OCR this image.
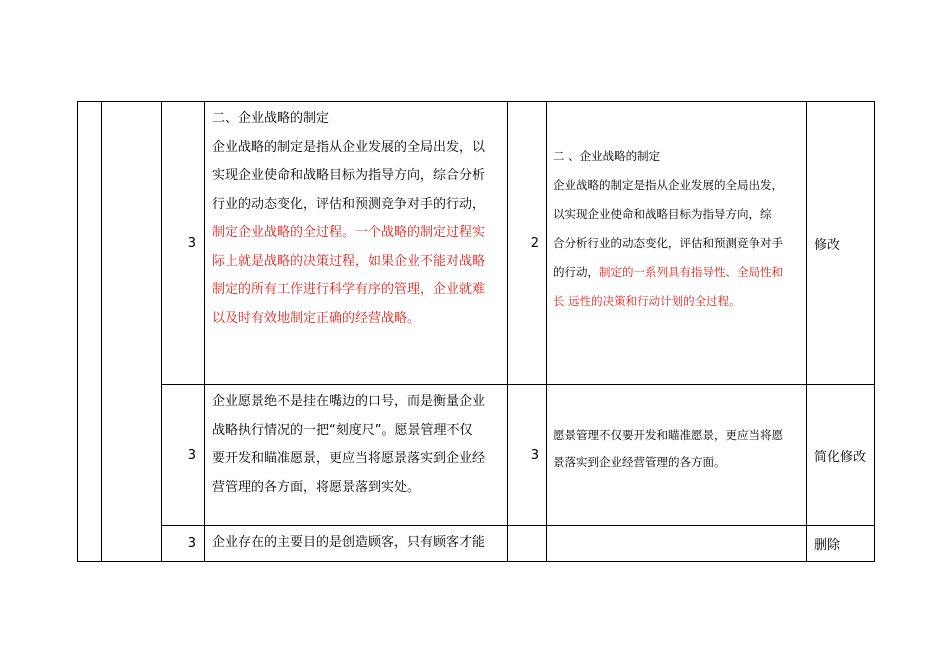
3

二、企业战略的制定

企业战略的制定是指从企业发展的全局出发，以

实现企业使命和战略目标为指导方向，综合分析

行业的动态变化，评估和预测竞争对手的行动，

制定企业战略的全过程。一个战略的制定过程实

际上就是战略的决策过程，如果企业不能对战略

制定的所有工作进行科学有序的管理，企业就难

以及时有效地制定正确的经营战略。

2

二 、企业战略的制定

企业战略的制定是指从企业发展的全局出发，

以实现企业使命和战略目标为指导方向，综

合分析行业的动态变化，评估和预测竞争对手

的行动，制定的一系列具有指导性、全局性和

长 远性的决策和行动计划的全过程。

修改
3

企业愿景绝不是挂在嘴边的口号，而是衡量企业

战略执行情况的一把“刻度尺”。愿景管理不仅

要开发和瞄准愿景，更应当将愿景落实到企业经

营管理的各方面，将愿景落到实处。

3

愿景管理不仅要开发和瞄准愿景，更应当将愿

景落实到企业经营管理的各方面。	简化修改
3 企业存在的主要目的是创造顾客，只有顾客才能	删除
